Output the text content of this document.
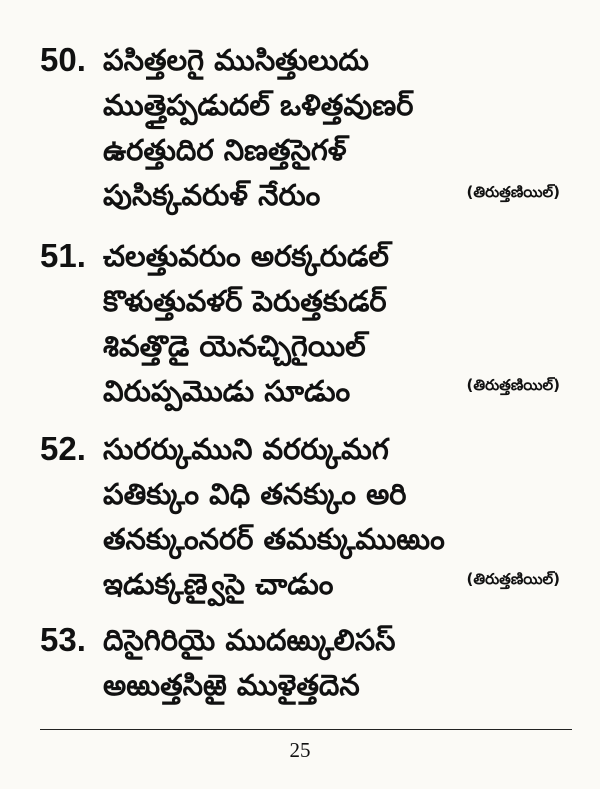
50. పసిత్తలగై ముసిత్తు‌లుదు
ముత్తైప్పడుదల్ ఒళిత్తవుణర్
ఉరత్తుదిర నిణత్తసైగళ్
పుసిక్కవరుళ్ నేరుం	(తిరుత్తణియిల్)
51. చలత్తువరుం అరక్కరుడల్
కొళుత్తువళర్ పెరుత్తకుడర్
శివత్తొడై యెనచ్చిగైయిల్
విరుప్పమొడు సూడుం	(తిరుత్తణియిల్)
52. సురర్కుముని వరర్కుమగ
పతిక్కుం విధి తనక్కుం అరి
తనక్కుంనరర్ తమక్కుముఱుం
ఇడుక్కణ్వైసై చాడుం	(తిరుత్తణియిల్)
53. దిసైగిరియై ముదఱ్కులిసస్
అఱుత్తసిఱై ముళైత్తదెన
25
